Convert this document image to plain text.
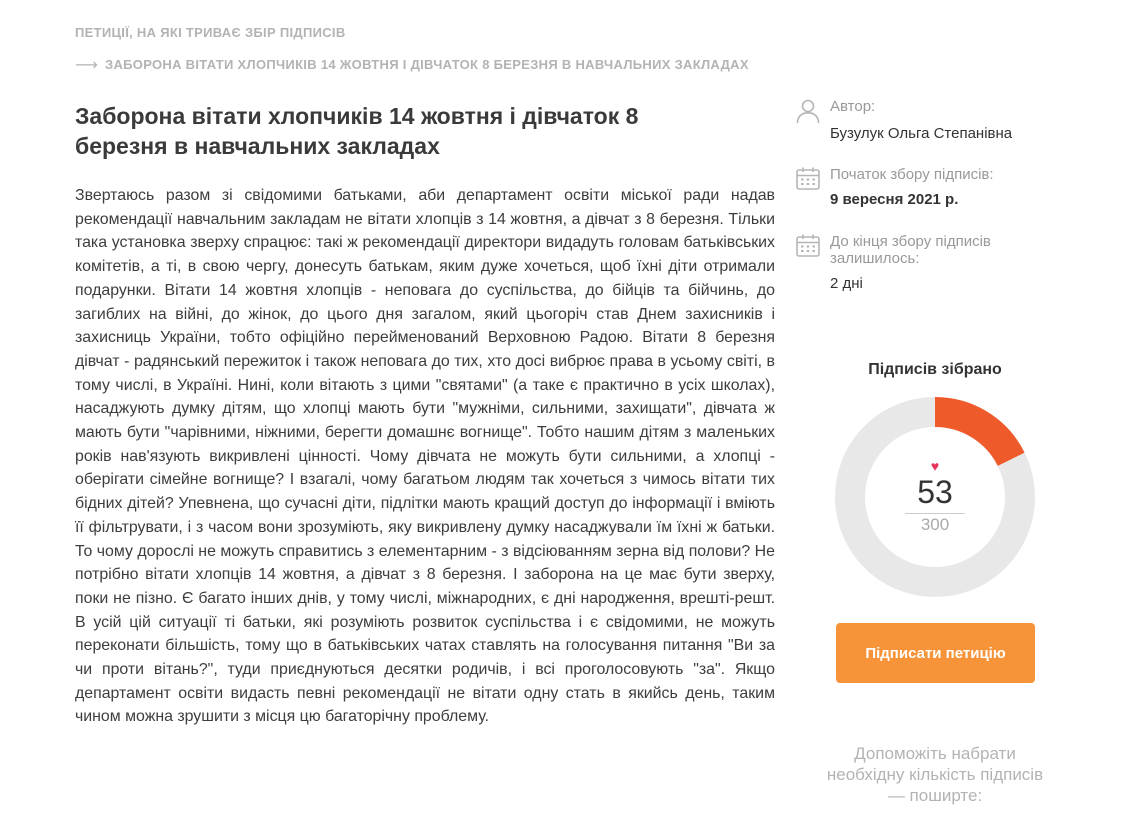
ПЕТИЦІЇ, НА ЯКІ ТРИВАЄ ЗБІР ПІДПИСІВ
⟶ ЗАБОРОНА ВІТАТИ ХЛОПЧИКІВ 14 ЖОВТНЯ І ДІВЧАТОК 8 БЕРЕЗНЯ В НАВЧАЛЬНИХ ЗАКЛАДАХ
Заборона вітати хлопчиків 14 жовтня і дівчаток 8 березня в навчальних закладах
Звертаюсь разом зі свідомими батьками, аби департамент освіти міської ради надав рекомендації навчальним закладам не вітати хлопців з 14 жовтня, а дівчат з 8 березня. Тільки така установка зверху спрацює: такі ж рекомендації директори видадуть головам батьківських комітетів, а ті, в свою чергу, донесуть батькам, яким дуже хочеться, щоб їхні діти отримали подарунки. Вітати 14 жовтня хлопців - неповага до суспільства, до бійців та бійчинь, до загиблих на війні, до жінок, до цього дня загалом, який цьогоріч став Днем захисників і захисниць України, тобто офіційно перейменований Верховною Радою. Вітати 8 березня дівчат - радянський пережиток і також неповага до тих, хто досі вибрює права в усьому світі, в тому числі, в Україні. Нині, коли вітають з цими "святами" (а таке є практично в усіх школах), насаджують думку дітям, що хлопці мають бути "мужніми, сильними, захищати", дівчата ж мають бути "чарівними, ніжними, берегти домашнє вогнище". Тобто нашим дітям з маленьких років нав'язують викривлені цінності. Чому дівчата не можуть бути сильними, а хлопці - оберігати сімейне вогнище? І взагалі, чому багатьом людям так хочеться з чимось вітати тих бідних дітей? Упевнена, що сучасні діти, підлітки мають кращий доступ до інформації і вміють її фільтрувати, і з часом вони зрозуміють, яку викривлену думку насаджували їм їхні ж батьки. То чому дорослі не можуть справитись з елементарним - з відсіюванням зерна від полови? Не потрібно вітати хлопців 14 жовтня, а дівчат з 8 березня. І заборона на це має бути зверху, поки не пізно. Є багато інших днів, у тому числі, міжнародних, є дні народження, врешті-решт. В усій цій ситуації ті батьки, які розуміють розвиток суспільства і є свідомими, не можуть переконати більшість, тому що в батьківських чатах ставлять на голосування питання "Ви за чи проти вітань?", туди приєднуються десятки родичів, і всі проголосовують "за". Якщо департамент освіти видасть певні рекомендації не вітати одну стать в якийсь день, таким чином можна зрушити з місця цю багаторічну проблему.
Автор:
Бузулук Ольга Степанівна
Початок збору підписів:
9 вересня 2021 р.
До кінця збору підписів залишилось:
2 дні
Підписів зібрано
♥
53
300
Підписати петицію
Допоможіть набрати необхідну кількість підписів — поширте:
